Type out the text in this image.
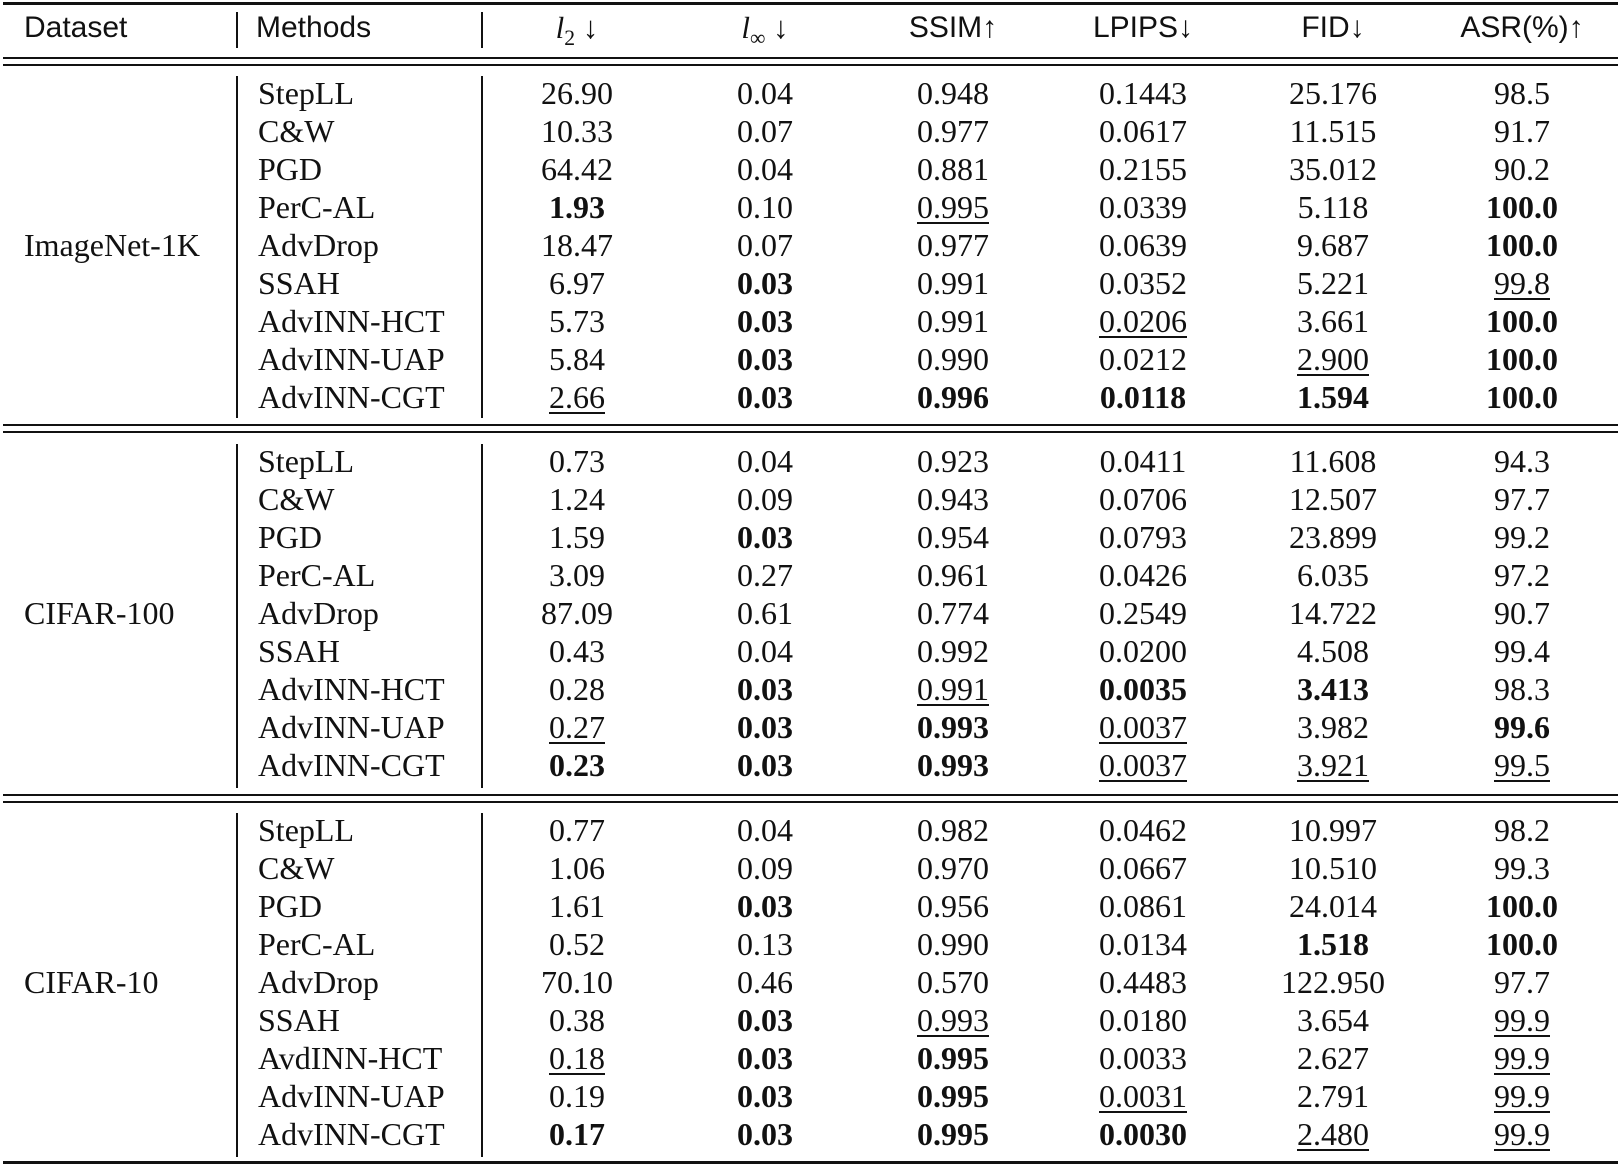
Dataset	Methods	$l_2$ ↓	$l_\infty$ ↓	SSIM↑	LPIPS↓	FID↓	ASR(%)↑
ImageNet-1K
StepLL	26.90	0.04	0.948	0.1443	25.176	98.5
C&W	10.33	0.07	0.977	0.0617	11.515	91.7
PGD	64.42	0.04	0.881	0.2155	35.012	90.2
PerC-AL	1.93	0.10	0.995	0.0339	5.118	100.0
AdvDrop	18.47	0.07	0.977	0.0639	9.687	100.0
SSAH	6.97	0.03	0.991	0.0352	5.221	99.8
AdvINN-HCT	5.73	0.03	0.991	0.0206	3.661	100.0
AdvINN-UAP	5.84	0.03	0.990	0.0212	2.900	100.0
AdvINN-CGT	2.66	0.03	0.996	0.0118	1.594	100.0
CIFAR-100
StepLL	0.73	0.04	0.923	0.0411	11.608	94.3
C&W	1.24	0.09	0.943	0.0706	12.507	97.7
PGD	1.59	0.03	0.954	0.0793	23.899	99.2
PerC-AL	3.09	0.27	0.961	0.0426	6.035	97.2
AdvDrop	87.09	0.61	0.774	0.2549	14.722	90.7
SSAH	0.43	0.04	0.992	0.0200	4.508	99.4
AdvINN-HCT	0.28	0.03	0.991	0.0035	3.413	98.3
AdvINN-UAP	0.27	0.03	0.993	0.0037	3.982	99.6
AdvINN-CGT	0.23	0.03	0.993	0.0037	3.921	99.5
CIFAR-10
StepLL	0.77	0.04	0.982	0.0462	10.997	98.2
C&W	1.06	0.09	0.970	0.0667	10.510	99.3
PGD	1.61	0.03	0.956	0.0861	24.014	100.0
PerC-AL	0.52	0.13	0.990	0.0134	1.518	100.0
AdvDrop	70.10	0.46	0.570	0.4483	122.950	97.7
SSAH	0.38	0.03	0.993	0.0180	3.654	99.9
AvdINN-HCT	0.18	0.03	0.995	0.0033	2.627	99.9
AdvINN-UAP	0.19	0.03	0.995	0.0031	2.791	99.9
AdvINN-CGT	0.17	0.03	0.995	0.0030	2.480	99.9
